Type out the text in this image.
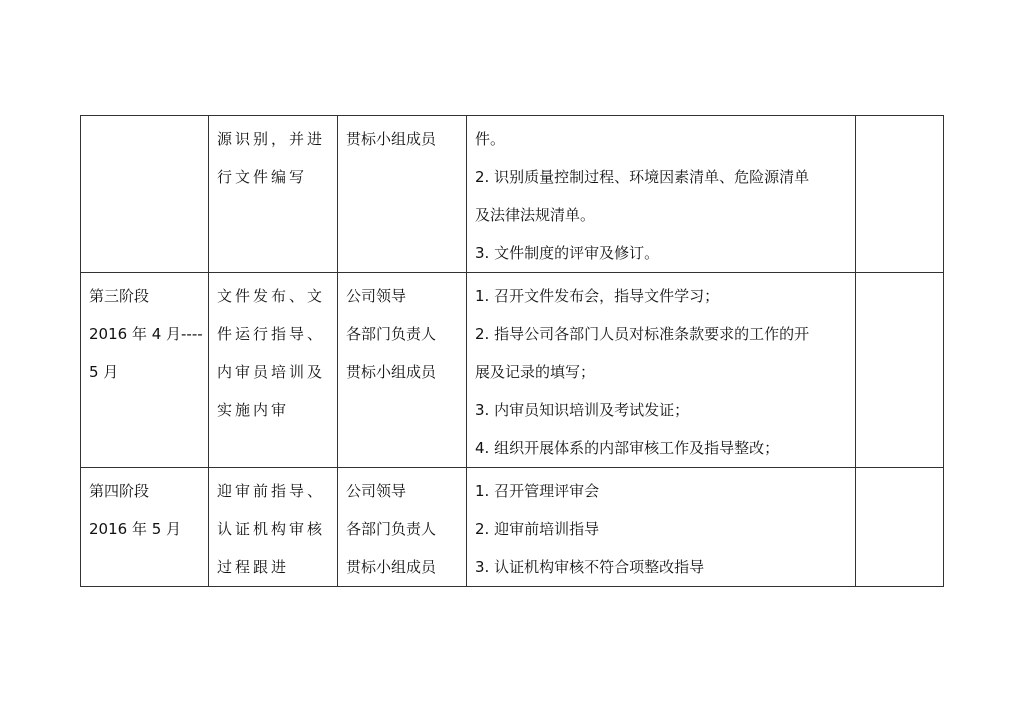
	源识别，并进
行文件编写	贯标小组成员	件。
2. 识别质量控制过程、环境因素清单、危险源清单
及法律法规清单。
3. 文件制度的评审及修订。	

第三阶段
2016 年 4 月----
5 月	文件发布、文
件运行指导、
内审员培训及
实施内审	公司领导
各部门负责人
贯标小组成员	1. 召开文件发布会，指导文件学习；
2. 指导公司各部门人员对标准条款要求的工作的开
展及记录的填写；
3. 内审员知识培训及考试发证；
4. 组织开展体系的内部审核工作及指导整改；	

第四阶段
2016 年 5 月	迎审前指导、
认证机构审核
过程跟进	公司领导
各部门负责人
贯标小组成员	1. 召开管理评审会
2. 迎审前培训指导
3. 认证机构审核不符合项整改指导	
